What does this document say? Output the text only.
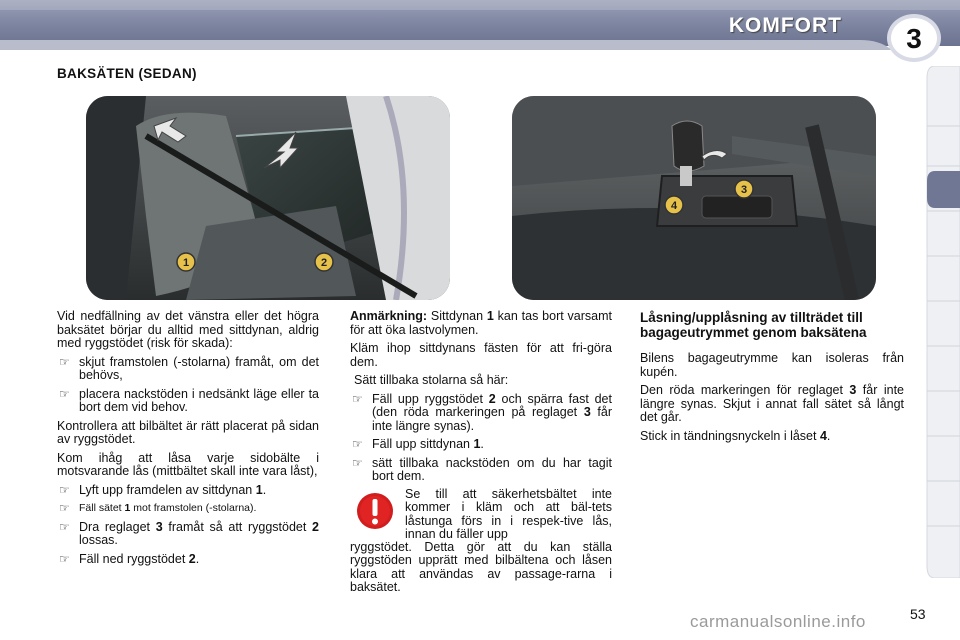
KOMFORT 3
BAKSÄTEN (SEDAN)
1	2
3
4

Vid nedfällning av det vänstra eller det högra baksätet börjar du alltid med sittdynan, aldrig med ryggstödet (risk för skada):

☞ skjut framstolen (-stolarna) framåt, om det behövs,
☞ placera nackstöden i nedsänkt läge eller ta bort dem vid behov.

Kontrollera att bilbältet är rätt placerat på sidan av ryggstödet.

Kom ihåg att låsa varje sidobälte i motsvarande lås (mittbältet skall inte vara låst),

☞ Lyft upp framdelen av sittdynan 1.
☞ Fäll sätet 1 mot framstolen (-stolarna).
☞ Dra reglaget 3 framåt så att ryggstödet 2 lossas.
☞ Fäll ned ryggstödet 2.

Anmärkning: Sittdynan 1 kan tas bort varsamt för att öka lastvolymen.

Kläm ihop sittdynans fästen för att fri-göra dem.

Sätt tillbaka stolarna så här:

☞ Fäll upp ryggstödet 2 och spärra fast det (den röda markeringen på reglaget 3 får inte längre synas).
☞ Fäll upp sittdynan 1.
☞ sätt tillbaka nackstöden om du har tagit bort dem.
Se till att säkerhetsbältet inte kommer i kläm och att bäl-tets låstunga förs in i respek-tive lås, innan du fäller upp
ryggstödet. Detta gör att du kan ställa ryggstöden upprätt med bilbältena och låsen klara att användas av passage-rarna i baksätet.
Låsning/upplåsning av tillträdet till bagageutrymmet genom baksätena

Bilens bagageutrymme kan isoleras från kupén.

Den röda markeringen för reglaget 3 får inte längre synas. Skjut i annat fall sätet så långt det går.

Stick in tändningsnyckeln i låset 4.

53
carmanualsonline.info
